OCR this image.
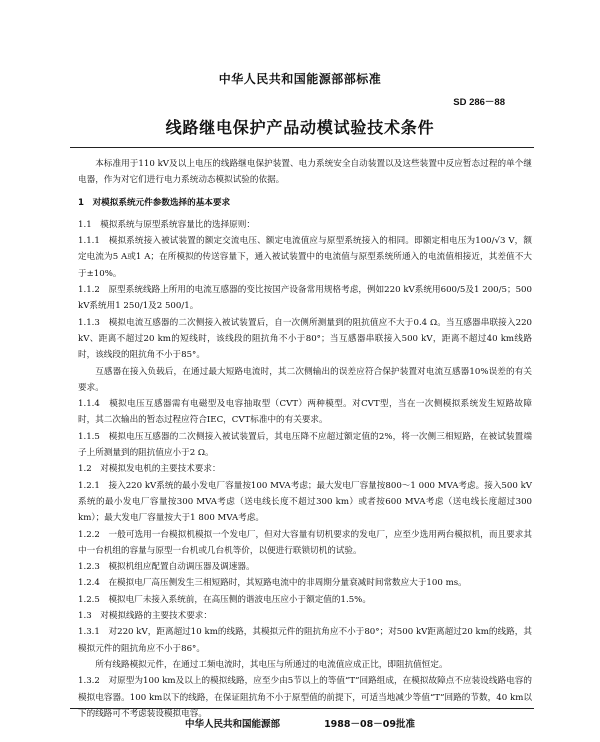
中华人民共和国能源部部标准
SD 286－88
线路继电保护产品动模试验技术条件

本标准用于110 kV及以上电压的线路继电保护装置、电力系统安全自动装置以及这些装置中反应暂态过程的单个继电器，作为对它们进行电力系统动态模拟试验的依据。

1　对模拟系统元件参数选择的基本要求

1.1　模拟系统与原型系统容量比的选择原则：

1.1.1　模拟系统接入被试装置的额定交流电压、额定电流值应与原型系统接入的相同。即额定相电压为100/√3 V，额定电流为5 A或1 A；在所模拟的传送容量下，通入被试装置中的电流值与原型系统所通入的电流值相接近，其差值不大于±10%。

1.1.2　原型系统线路上所用的电流互感器的变比按国产设备常用规格考虑，例如220 kV系统用600/5及1 200/5；500 kV系统用1 250/1及2 500/1。

1.1.3　模拟电流互感器的二次侧接入被试装置后，自一次侧所测量到的阻抗值应不大于0.4 Ω。当互感器串联接入220 kV、距离不超过20 km的短线时，该线段的阻抗角不小于80°；当互感器串联接入500 kV，距离不超过40 km线路时，该线段的阻抗角不小于85°。

互感器在接入负载后，在通过最大短路电流时，其二次侧输出的误差应符合保护装置对电流互感器10%误差的有关要求。

1.1.4　模拟电压互感器需有电磁型及电容抽取型（CVT）两种模型。对CVT型，当在一次侧模拟系统发生短路故障时，其二次输出的暂态过程应符合IEC，CVT标准中的有关要求。

1.1.5　模拟电压互感器的二次侧接入被试装置后，其电压降不应超过额定值的2%，将一次侧三相短路，在被试装置端子上所测量到的阻抗值应小于2 Ω。

1.2　对模拟发电机的主要技术要求：

1.2.1　接入220 kV系统的最小发电厂容量按100 MVA考虑；最大发电厂容量按800～1 000 MVA考虑。接入500 kV系统的最小发电厂容量按300 MVA考虑（送电线长度不超过300 km）或者按600 MVA考虑（送电线长度超过300 km）；最大发电厂容量按大于1 800 MVA考虑。

1.2.2　一般可选用一台模拟机模拟一个发电厂，但对大容量有切机要求的发电厂，应至少选用两台模拟机，而且要求其中一台机组的容量与原型一台机或几台机等价，以便进行联锁切机的试验。

1.2.3　模拟机组应配置自动调压器及调速器。

1.2.4　在模拟电厂高压侧发生三相短路时，其短路电流中的非周期分量衰减时间常数应大于100 ms。

1.2.5　模拟电厂未接入系统前，在高压侧的谐波电压应小于额定值的1.5%。

1.3　对模拟线路的主要技术要求：

1.3.1　对220 kV，距离超过10 km的线路，其模拟元件的阻抗角应不小于80°；对500 kV距离超过20 km的线路，其模拟元件的阻抗角应不小于86°。

所有线路模拟元件，在通过工频电流时，其电压与所通过的电流值应成正比，即阻抗值恒定。

1.3.2　对原型为100 km及以上的模拟线路，应至少由5节以上的等值“T”回路组成，在模拟故障点不应装设线路电容的模拟电容器。100 km以下的线路，在保证阻抗角不小于原型值的前提下，可适当地减少等值“T”回路的节数，40 km以下的线路可不考虑装设模拟电容。

中华人民共和国能源部	1988－08－09批准
